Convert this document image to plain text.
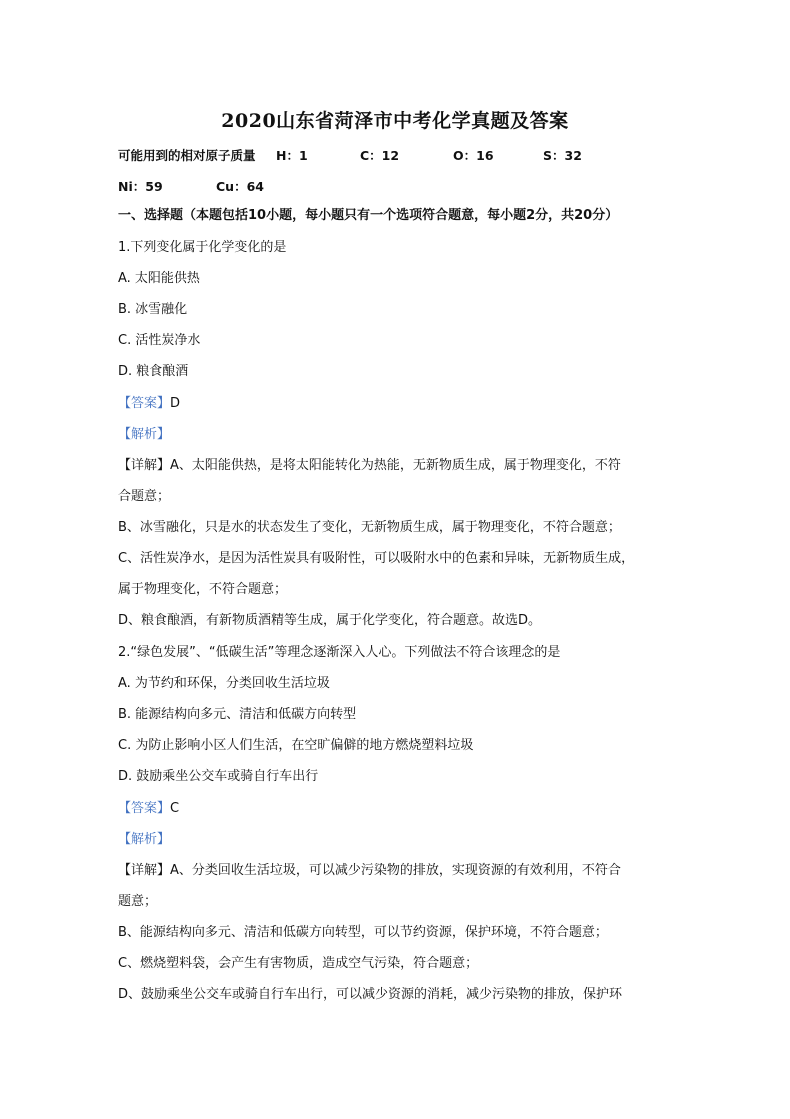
2020山东省菏泽市中考化学真题及答案
可能用到的相对原子质量 H：1	C：12	O：16	S：32
Ni：59	Cu：64
一、选择题（本题包括10小题，每小题只有一个选项符合题意，每小题2分，共20分）
1.下列变化属于化学变化的是
A. 太阳能供热
B. 冰雪融化
C. 活性炭净水
D. 粮食酿酒
【答案】D
【解析】
【详解】A、太阳能供热，是将太阳能转化为热能，无新物质生成，属于物理变化，不符
合题意；
B、冰雪融化，只是水的状态发生了变化，无新物质生成，属于物理变化，不符合题意；
C、活性炭净水，是因为活性炭具有吸附性，可以吸附水中的色素和异味，无新物质生成，
属于物理变化，不符合题意；
D、粮食酿酒，有新物质酒精等生成，属于化学变化，符合题意。故选D。
2.“绿色发展”、“低碳生活”等理念逐渐深入人心。下列做法不符合该理念的是
A. 为节约和环保，分类回收生活垃圾
B. 能源结构向多元、清洁和低碳方向转型
C. 为防止影响小区人们生活，在空旷偏僻的地方燃烧塑料垃圾
D. 鼓励乘坐公交车或骑自行车出行
【答案】C
【解析】
【详解】A、分类回收生活垃圾，可以减少污染物的排放，实现资源的有效利用，不符合
题意；
B、能源结构向多元、清洁和低碳方向转型，可以节约资源，保护环境，不符合题意；
C、燃烧塑料袋，会产生有害物质，造成空气污染，符合题意；
D、鼓励乘坐公交车或骑自行车出行，可以减少资源的消耗，减少污染物的排放，保护环
